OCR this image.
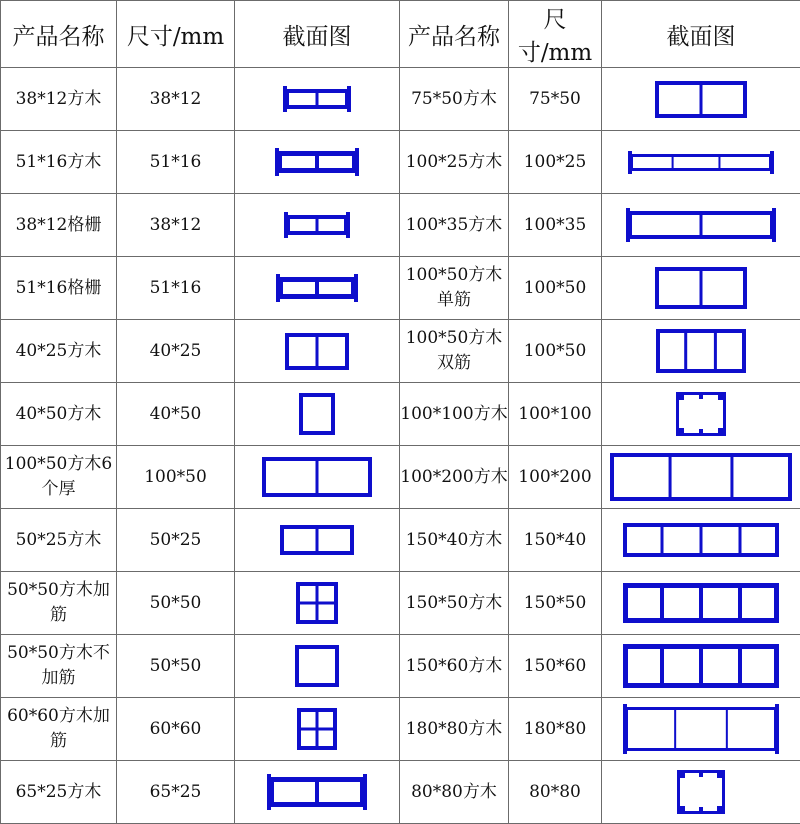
产品名称	尺寸/mm	截面图	产品名称	尺寸/mm	截面图
38*12方木	38*12		75*50方木	75*50	

51*16方木	51*16		100*25方木	100*25	

38*12格栅	38*12		100*35方木	100*35	

51*16格栅	51*16		100*50方木单筋	100*50	

40*25方木	40*25		100*50方木双筋	100*50	

40*50方木	40*50		100*100方木	100*100	

100*50方木6个厚	100*50		100*200方木	100*200	

50*25方木	50*25		150*40方木	150*40	

50*50方木加筋	50*50		150*50方木	150*50	

50*50方木不加筋	50*50		150*60方木	150*60	

60*60方木加筋	60*60		180*80方木	180*80	

65*25方木	65*25		80*80方木	80*80	
